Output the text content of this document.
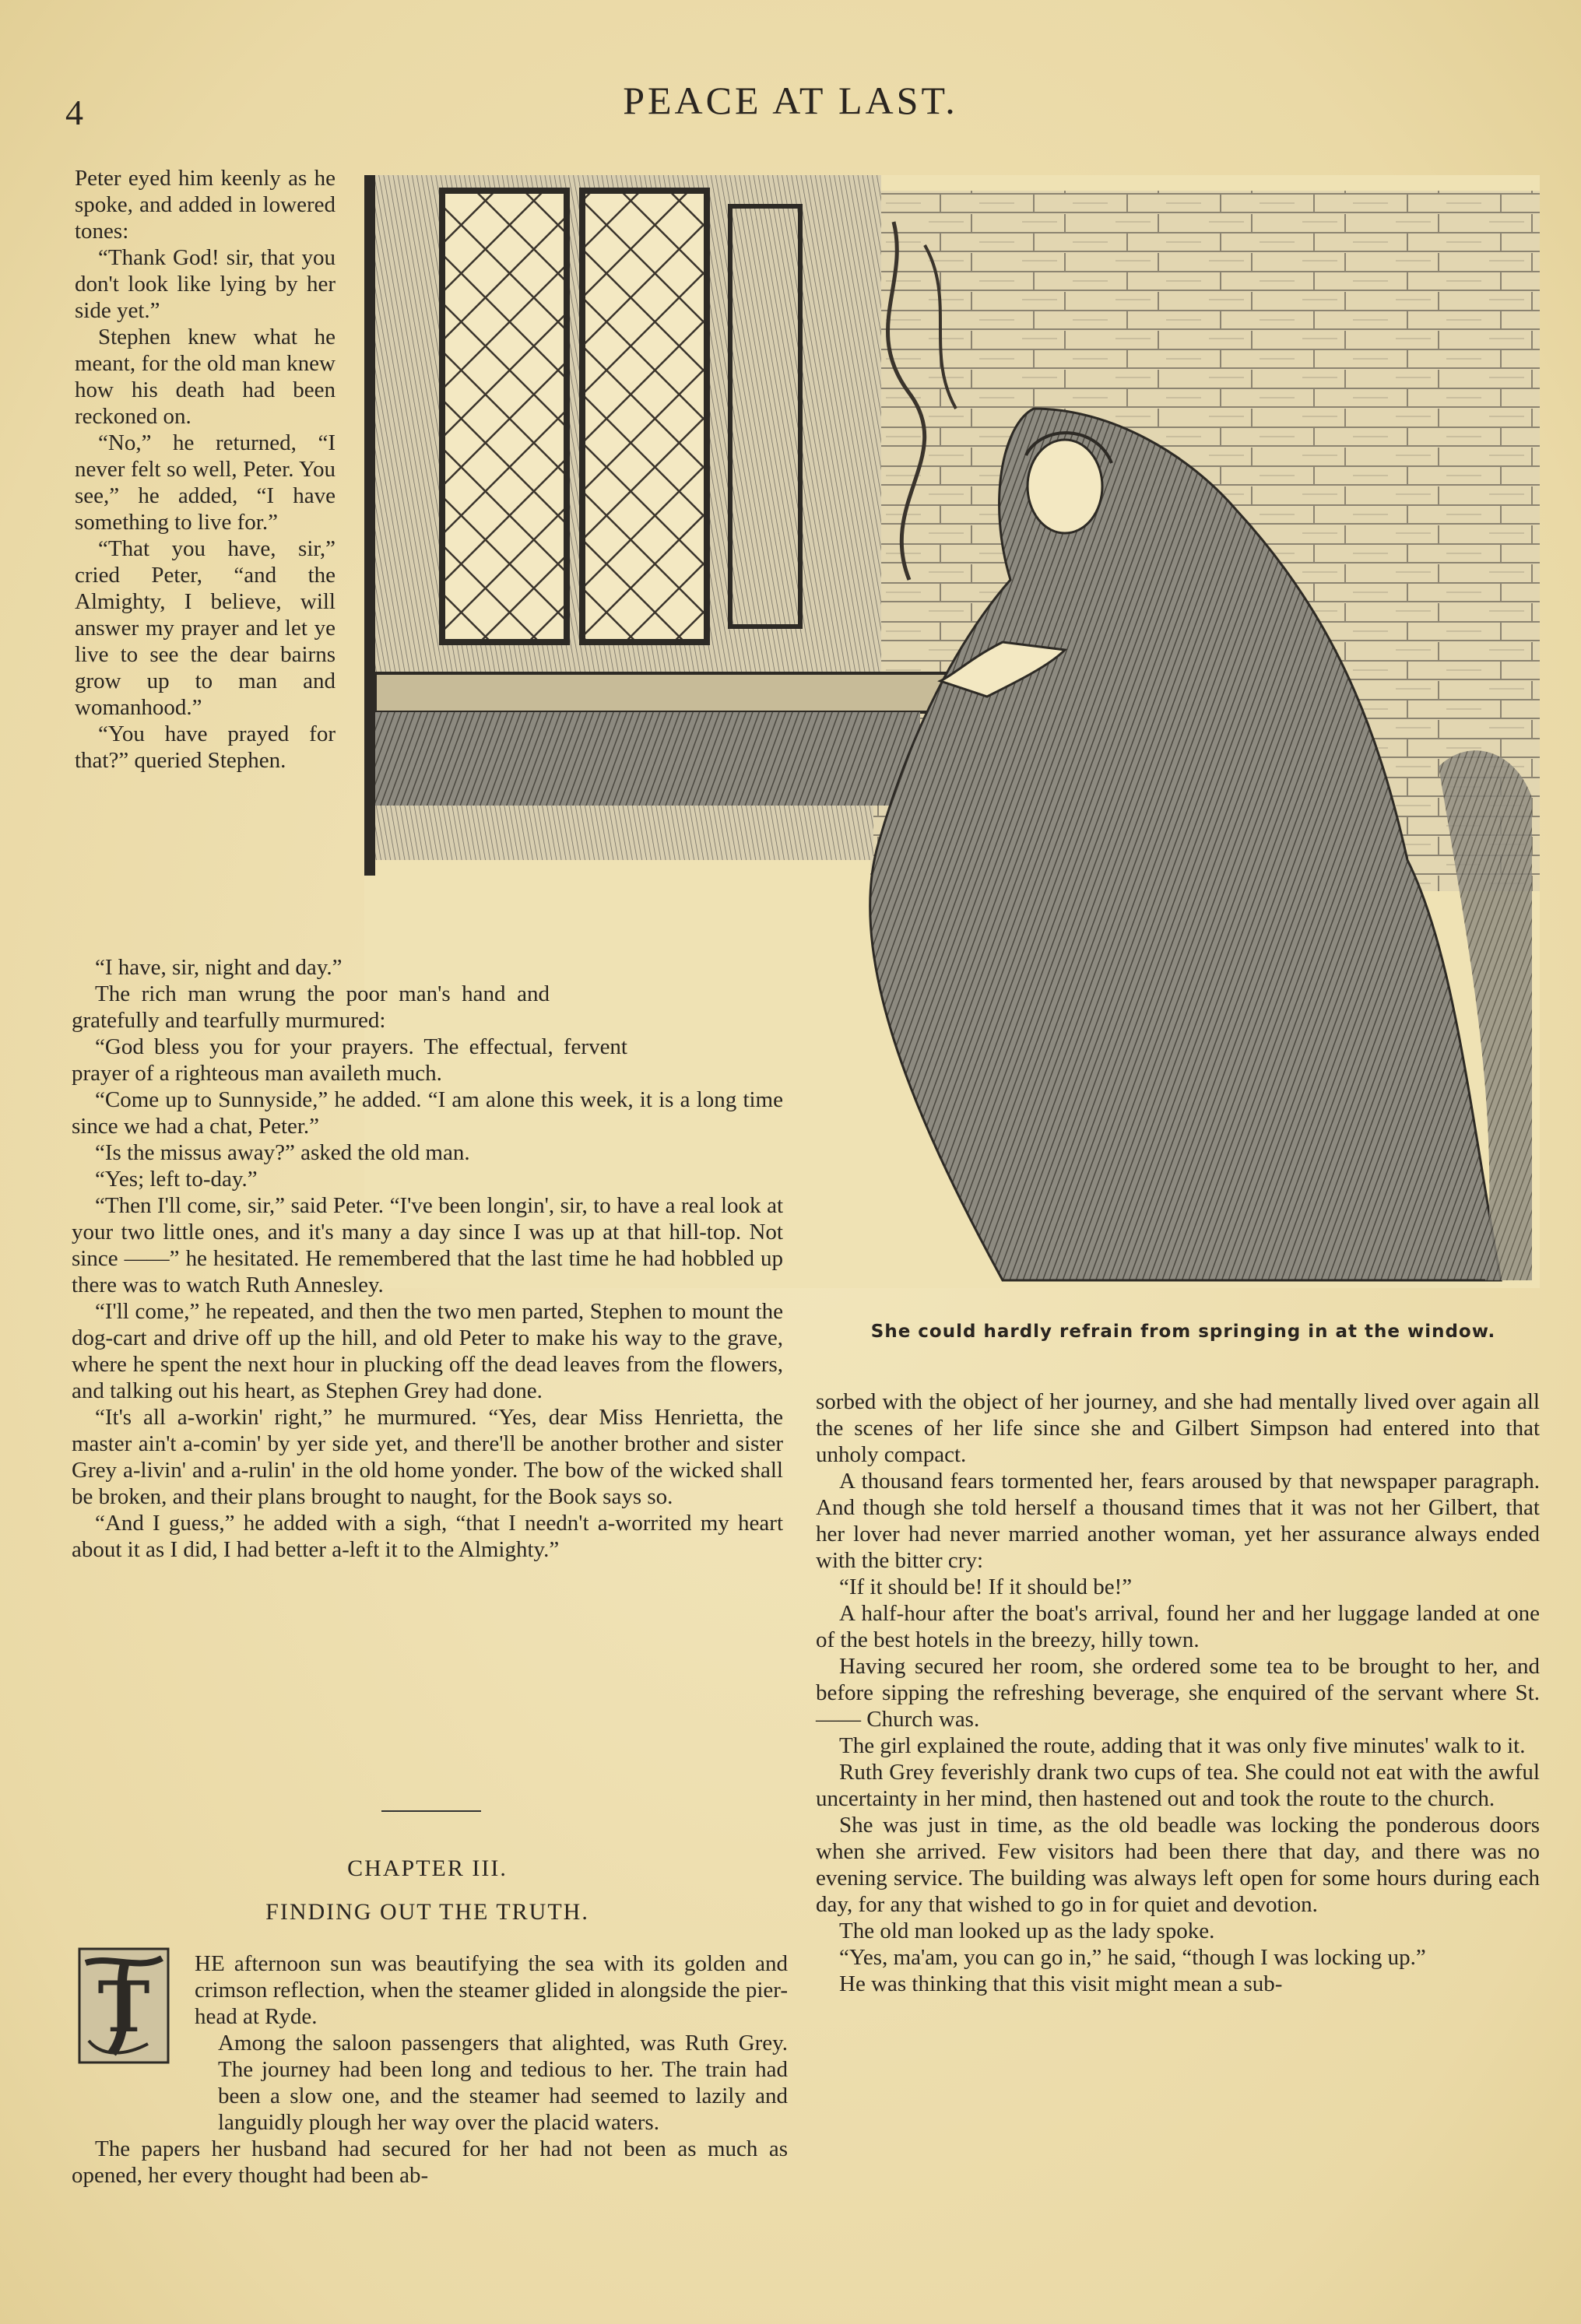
4	PEACE AT LAST.

Peter eyed him keenly as he spoke, and added in lowered tones:

“Thank God! sir, that you don't look like lying by her side yet.”

Stephen knew what he meant, for the old man knew how his death had been reckoned on.

“No,” he returned, “I never felt so well, Peter. You see,” he added, “I have something to live for.”

“That you have, sir,” cried Peter, “and the Almighty, I believe, will answer my prayer and let ye live to see the dear bairns grow up to man and womanhood.”

“You have prayed for that?” queried Stephen.

She could hardly refrain from springing in at the window.

“I have, sir, night and day.”

The rich man wrung the poor man's hand and gratefully and tearfully murmured:

“God bless you for your prayers. The effectual, fervent prayer of a righteous man availeth much.

“Come up to Sunnyside,” he added. “I am alone this week, it is a long time since we had a chat, Peter.”

“Is the missus away?” asked the old man.

“Yes; left to-day.”

“Then I'll come, sir,” said Peter. “I've been longin', sir, to have a real look at your two little ones, and it's many a day since I was up at that hill-top. Not since ——” he hesitated. He remembered that the last time he had hobbled up there was to watch Ruth Annesley.

“I'll come,” he repeated, and then the two men parted, Stephen to mount the dog-cart and drive off up the hill, and old Peter to make his way to the grave, where he spent the next hour in plucking off the dead leaves from the flowers, and talking out his heart, as Stephen Grey had done.

“It's all a-workin' right,” he murmured. “Yes, dear Miss Henrietta, the master ain't a-comin' by yer side yet, and there'll be another brother and sister Grey a-livin' and a-rulin' in the old home yonder. The bow of the wicked shall be broken, and their plans brought to naught, for the Book says so.

“And I guess,” he added with a sigh, “that I needn't a-worrited my heart about it as I did, I had better a-left it to the Almighty.”

CHAPTER III.
FINDING OUT THE TRUTH.
T

HE afternoon sun was beautifying the sea with its golden and crimson reflection, when the steamer glided in alongside the pier-head at Ryde.

Among the saloon passengers that alighted, was Ruth Grey. The journey had been long and tedious to her. The train had been a slow one, and the steamer had seemed to lazily and languidly plough her way over the placid waters.

The papers her husband had secured for her had not been as much as opened, her every thought had been ab-

sorbed with the object of her journey, and she had mentally lived over again all the scenes of her life since she and Gilbert Simpson had entered into that unholy compact.

A thousand fears tormented her, fears aroused by that newspaper paragraph. And though she told herself a thousand times that it was not her Gilbert, that her lover had never married another woman, yet her assurance always ended with the bitter cry:

“If it should be! If it should be!”

A half-hour after the boat's arrival, found her and her luggage landed at one of the best hotels in the breezy, hilly town.

Having secured her room, she ordered some tea to be brought to her, and before sipping the refreshing beverage, she enquired of the servant where St. —— Church was.

The girl explained the route, adding that it was only five minutes' walk to it.

Ruth Grey feverishly drank two cups of tea. She could not eat with the awful uncertainty in her mind, then hastened out and took the route to the church.

She was just in time, as the old beadle was locking the ponderous doors when she arrived. Few visitors had been there that day, and there was no evening service. The building was always left open for some hours during each day, for any that wished to go in for quiet and devotion.

The old man looked up as the lady spoke.

“Yes, ma'am, you can go in,” he said, “though I was locking up.”

He was thinking that this visit might mean a sub-
